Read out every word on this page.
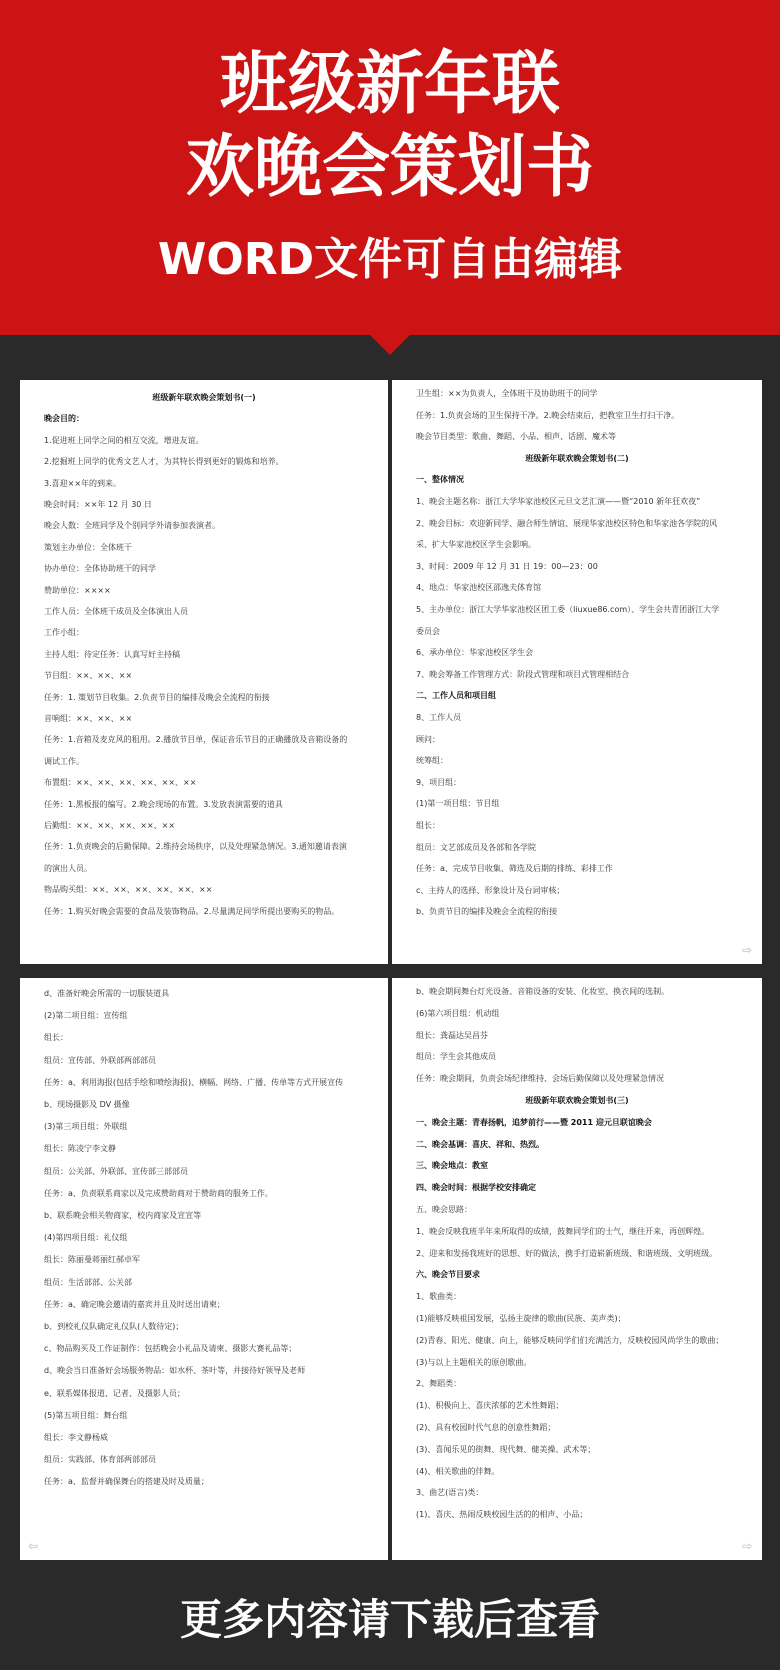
班级新年联
欢晚会策划书
WORD文件可自由编辑
班级新年联欢晚会策划书(一)
晚会目的：
1.促进班上同学之间的相互交流，增进友谊。
2.挖掘班上同学的优秀文艺人才，为其特长得到更好的锻炼和培养。
3.喜迎××年的到来。
晚会时间：××年 12 月 30 日
晚会人数：全班同学及个别同学外请参加表演者。
策划主办单位：全体班干
协办单位：全体协助班干的同学
赞助单位：××××
工作人员：全体班干成员及全体演出人员
工作小组：
主持人组：待定任务：认真写好主持稿
节目组：××、××、××
任务：1. 策划节目收集。2.负责节目的编排及晚会全流程的衔接
音响组：××、××、××
任务：1.音箱及麦克风的租用。2.播放节目单，保证音乐节目的正确播放及音箱设备的
调试工作。
布置组：××、××、××、××、××、××
任务：1.黑板报的编写。2.晚会现场的布置。3.发放表演需要的道具
后勤组：××、××、××、××、××
任务：1.负责晚会的后勤保障。2.维持会场秩序，以及处理紧急情况。3.通知邀请表演
的演出人员。
物品购买组：××、××、××、××、××、××
任务：1.购买好晚会需要的食品及装饰物品。2.尽量满足同学所提出要购买的物品。
⇨
卫生组：××为负责人，全体班干及协助班干的同学
任务：1.负责会场的卫生保持干净。2.晚会结束后，把教室卫生打扫干净。
晚会节目类型：歌曲、舞蹈、小品、相声、话剧、魔术等
班级新年联欢晚会策划书(二)
一、整体情况
1、晚会主题名称：浙江大学华家池校区元旦文艺汇演——暨“2010 新年狂欢夜”
2、晚会目标：欢迎新同学、融合师生情谊、展现华家池校区特色和华家池各学院的风
采、扩大华家池校区学生会影响。
3、时间：2009 年 12 月 31 日 19：00—23：00
4、地点：华家池校区邵逸夫体育馆
5、主办单位：浙江大学华家池校区团工委（liuxue86.com）、学生会共青团浙江大学
委员会
6、承办单位：华家池校区学生会
7、晚会筹备工作管理方式：阶段式管理和项目式管理相结合
二、工作人员和项目组
8、工作人员
顾问：
统筹组：
9、项目组：
(1)第一项目组：节目组
组长：
组员：文艺部成员及各部和各学院
任务：a、完成节目收集、筛选及后期的排练、彩排工作
c、主持人的选择、形象设计及台词审核；
b、负责节目的编排及晚会全流程的衔接
⇦
d、准备好晚会所需的一切服装道具
(2)第二项目组：宣传组
组长：
组员：宣传部、外联部两部部员
任务：a、利用海报(包括手绘和喷绘海报)、横幅、网络、广播、传单等方式开展宣传
b、现场摄影及 DV 摄像
(3)第三项目组：外联组
组长：陈凌宁李文静
组员：公关部、外联部、宣传部三部部员
任务：a、负责联系商家以及完成赞助商对于赞助商的服务工作。
b、联系晚会相关物商家，校内商家及宣宣等
(4)第四项目组：礼仪组
组长：陈丽曼蒋丽红郝卓军
组员：生活部部、公关部
任务：a、确定晚会邀请的嘉宾并且及时送出请柬；
b、到校礼仪队确定礼仪队(人数待定)；
c、物品购买及工作证制作：包括晚会小礼品及请柬、摄影大赛礼品等；
d、晚会当日准备好会场服务物品：如水杯、茶叶等，并接待好领导及老师
e、联系媒体报道、记者、及摄影人员；
(5)第五项目组：舞台组
组长：李文静杨威
组员：实践部、体育部两部部员
任务：a、监督并确保舞台的搭建及时及质量；
⇨
b、晚会期间舞台灯光设备、音箱设备的安装、化妆室、换衣间的选制。
(6)第六项目组：机动组
组长：龚磊达吴昌芬
组员：学生会其他成员
任务：晚会期间，负责会场纪律维持、会场后勤保障以及处理紧急情况
班级新年联欢晚会策划书(三)
一、晚会主题：青春扬帆，追梦前行——暨 2011 迎元旦联谊晚会
二、晚会基调：喜庆、祥和、热烈。
三、晚会地点：教室
四、晚会时间：根据学校安排确定
五、晚会思路：
1、晚会反映我班半年来所取得的成绩，鼓舞同学们的士气，继往开来，再创辉煌。
2、迎来和发扬我班好的思想、好的做法，携手打造崭新班级、和谐班级、文明班级。
六、晚会节目要求
1、歌曲类：
(1)能够反映祖国发展，弘扬主旋律的歌曲(民族、美声类)；
(2)青春、阳光、健康、向上，能够反映同学们们充满活力，反映校园风尚学生的歌曲；
(3)与以上主题相关的原创歌曲。
2、舞蹈类：
(1)、积极向上、喜庆浓郁的艺术性舞蹈；
(2)、具有校园时代气息的创意性舞蹈；
(3)、喜闻乐见的街舞、现代舞、健美操、武术等；
(4)、相关歌曲的伴舞。
3、曲艺(语言)类：
(1)、喜庆、热闹反映校园生活的的相声、小品；
更多内容请下载后查看
